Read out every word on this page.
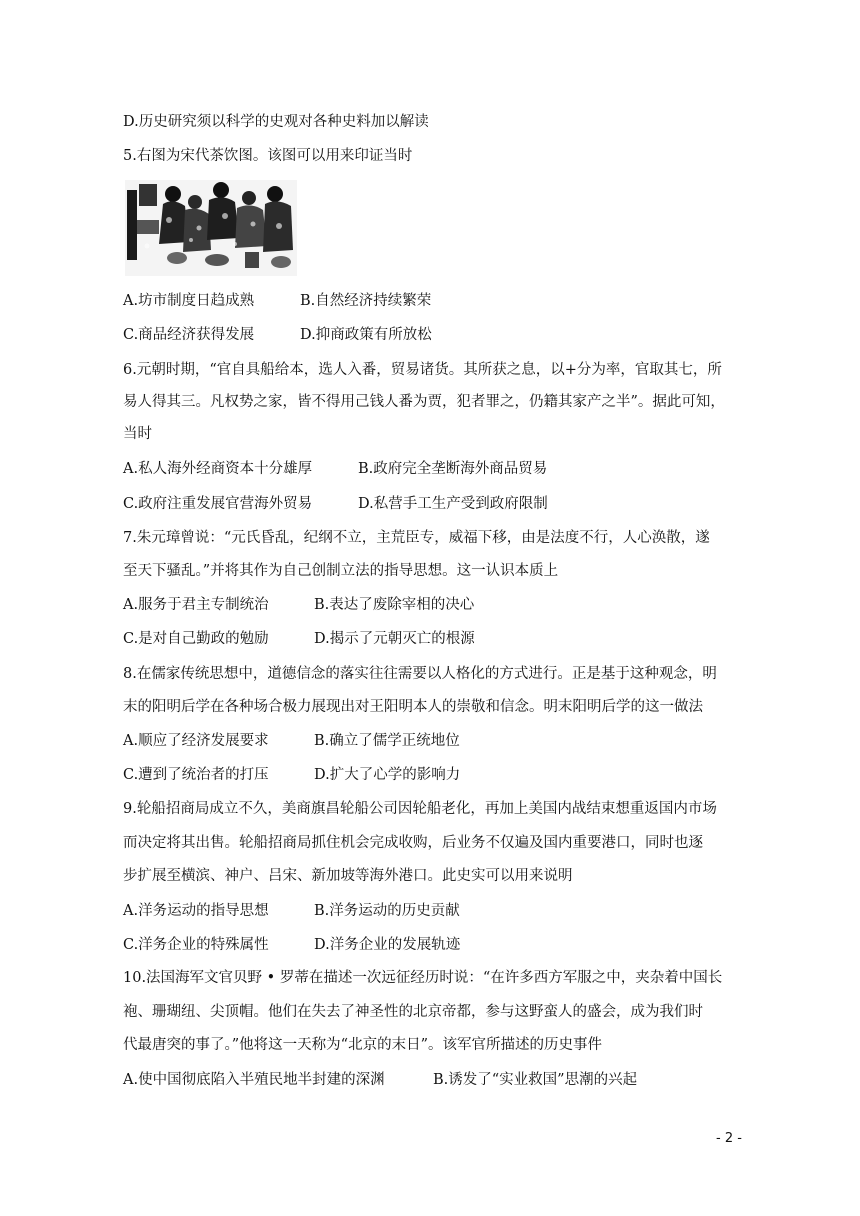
D.历史研究须以科学的史观对各种史料加以解读
5.右图为宋代茶饮图。该图可以用来印证当时
A.坊市制度日趋成熟	B.自然经济持续繁荣
C.商品经济获得发展	D.抑商政策有所放松
6.元朝时期，“官自具船给本，选人入番，贸易诸货。其所获之息，以+分为率，官取其七，所
易人得其三。凡权势之家，皆不得用己钱人番为贾，犯者罪之，仍籍其家产之半”。据此可知，
当时
A.私人海外经商资本十分雄厚	B.政府完全垄断海外商品贸易
C.政府注重发展官营海外贸易	D.私营手工生产受到政府限制
7.朱元璋曾说：“元氏昏乱，纪纲不立，主荒臣专，威福下移，由是法度不行，人心涣散，遂
至天下骚乱。”并将其作为自己创制立法的指导思想。这一认识本质上
A.服务于君主专制统治	B.表达了废除宰相的决心
C.是对自己勤政的勉励	D.揭示了元朝灭亡的根源
8.在儒家传统思想中，道德信念的落实往往需要以人格化的方式进行。正是基于这种观念，明
末的阳明后学在各种场合极力展现出对王阳明本人的崇敬和信念。明末阳明后学的这一做法
A.顺应了经济发展要求	B.确立了儒学正统地位
C.遭到了统治者的打压	D.扩大了心学的影响力
9.轮船招商局成立不久，美商旗昌轮船公司因轮船老化，再加上美国内战结束想重返国内市场
而决定将其出售。轮船招商局抓住机会完成收购，后业务不仅遍及国内重要港口，同时也逐
步扩展至横滨、神户、吕宋、新加坡等海外港口。此史实可以用来说明
A.洋务运动的指导思想	B.洋务运动的历史贡献
C.洋务企业的特殊属性	D.洋务企业的发展轨迹
10.法国海军文官贝野 • 罗蒂在描述一次远征经历时说：“在许多西方军服之中，夹杂着中国长
袍、珊瑚纽、尖顶帽。他们在失去了神圣性的北京帝都，参与这野蛮人的盛会，成为我们时
代最唐突的事了。”他将这一天称为“北京的末日”。该军官所描述的历史事件
A.使中国彻底陷入半殖民地半封建的深渊	B.诱发了“实业救国”思潮的兴起
- 2 -
